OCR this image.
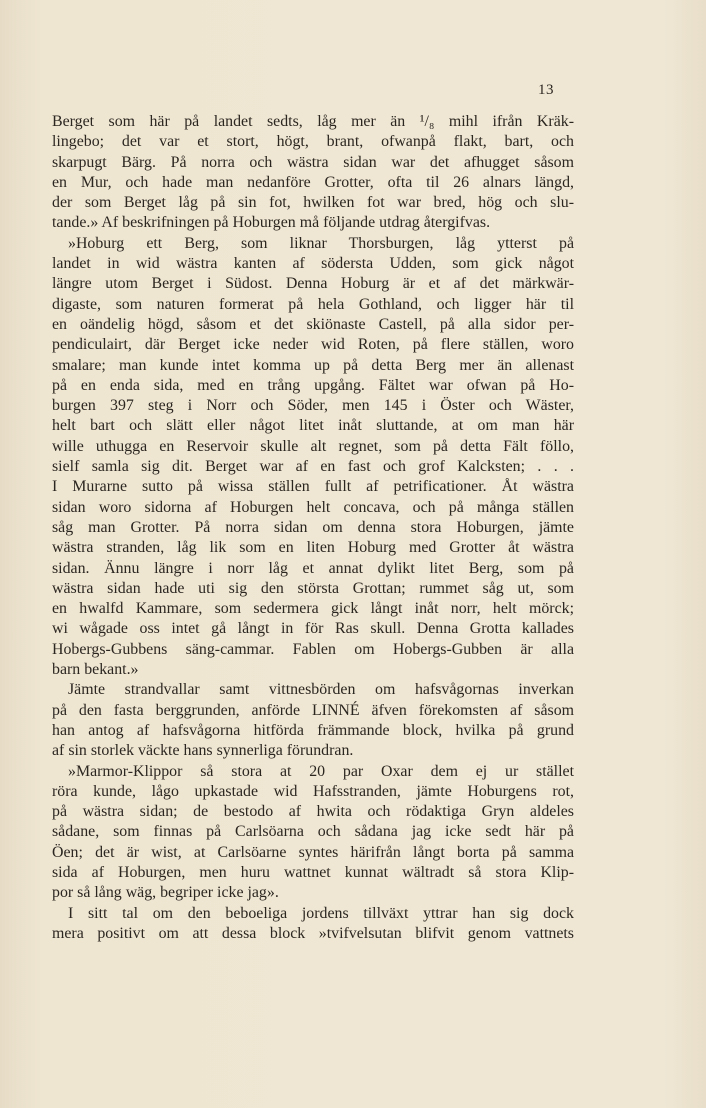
13
Berget som här på landet sedts, låg mer än ¹/₈ mihl ifrån Kräk-
lingebo; det var et stort, högt, brant, ofwanpå flakt, bart, och
skarpugt Bärg. På norra och wästra sidan war det afhugget såsom
en Mur, och hade man nedanföre Grotter, ofta til 26 alnars längd,
der som Berget låg på sin fot, hwilken fot war bred, hög och slu-
tande.» Af beskrifningen på Hoburgen må följande utdrag återgifvas.
»Hoburg ett Berg, som liknar Thorsburgen, låg ytterst på
landet in wid wästra kanten af södersta Udden, som gick något
längre utom Berget i Südost. Denna Hoburg är et af det märkwär-
digaste, som naturen formerat på hela Gothland, och ligger här til
en oändelig högd, såsom et det skiönaste Castell, på alla sidor per-
pendiculairt, där Berget icke neder wid Roten, på flere ställen, woro
smalare; man kunde intet komma up på detta Berg mer än allenast
på en enda sida, med en trång upgång. Fältet war ofwan på Ho-
burgen 397 steg i Norr och Söder, men 145 i Öster och Wäster,
helt bart och slätt eller något litet inåt sluttande, at om man här
wille uthugga en Reservoir skulle alt regnet, som på detta Fält föllo,
sielf samla sig dit. Berget war af en fast och grof Kalcksten; . . .
I Murarne sutto på wissa ställen fullt af petrificationer. Åt wästra
sidan woro sidorna af Hoburgen helt concava, och på många ställen
såg man Grotter. På norra sidan om denna stora Hoburgen, jämte
wästra stranden, låg lik som en liten Hoburg med Grotter åt wästra
sidan. Ännu längre i norr låg et annat dylikt litet Berg, som på
wästra sidan hade uti sig den största Grottan; rummet såg ut, som
en hwalfd Kammare, som sedermera gick långt inåt norr, helt mörck;
wi wågade oss intet gå långt in för Ras skull. Denna Grotta kallades
Hobergs-Gubbens säng-cammar. Fablen om Hobergs-Gubben är alla
barn bekant.»
Jämte strandvallar samt vittnesbörden om hafsvågornas inverkan
på den fasta berggrunden, anförde LINNÉ äfven förekomsten af såsom
han antog af hafsvågorna hitförda främmande block, hvilka på grund
af sin storlek väckte hans synnerliga förundran.
»Marmor-Klippor så stora at 20 par Oxar dem ej ur stället
röra kunde, lågo upkastade wid Hafsstranden, jämte Hoburgens rot,
på wästra sidan; de bestodo af hwita och rödaktiga Gryn aldeles
sådane, som finnas på Carlsöarna och sådana jag icke sedt här på
Öen; det är wist, at Carlsöarne syntes härifrån långt borta på samma
sida af Hoburgen, men huru wattnet kunnat wältradt så stora Klip-
por så lång wäg, begriper icke jag».
I sitt tal om den beboeliga jordens tillväxt yttrar han sig dock
mera positivt om att dessa block »tvifvelsutan blifvit genom vattnets
